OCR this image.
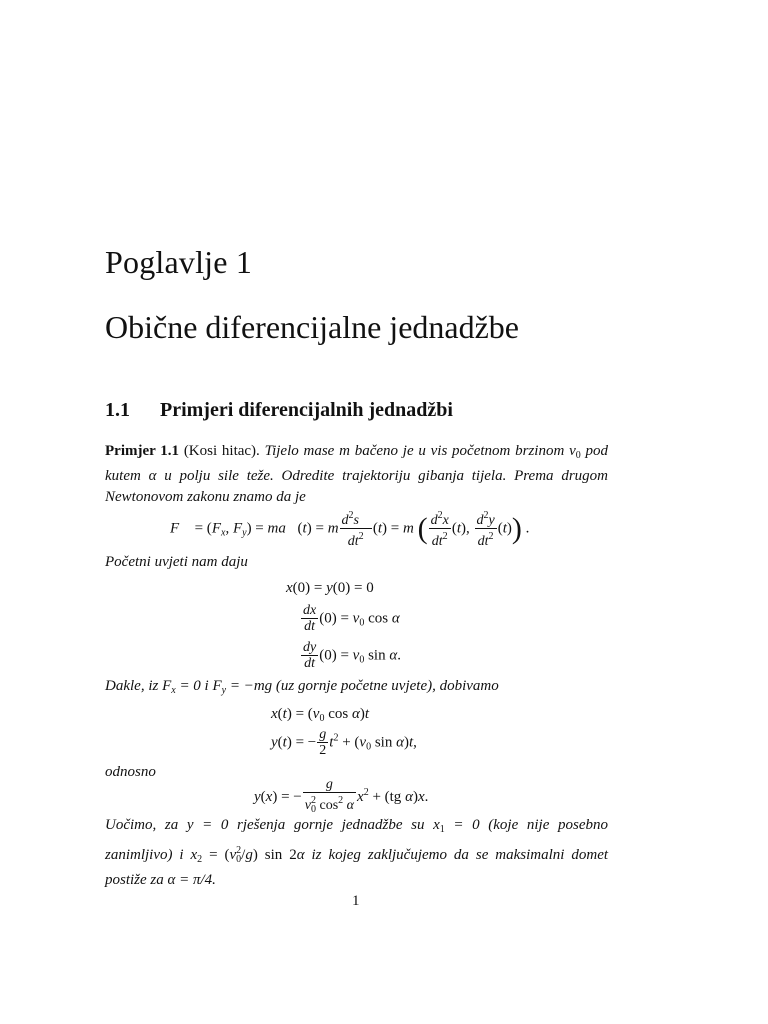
Poglavlje 1
Obične diferencijalne jednadžbe
1.1 Primjeri diferencijalnih jednadžbi

Primjer 1.1 (Kosi hitac). Tijelo mase m bačeno je u vis početnom brzinom $v_0$ pod kutem α u polju sile teže. Odredite trajektoriju gibanja tijela. Prema drugom Newtonovom zakonu znamo da je

F⃗ = ($F_x$, $F_y$) = ma⃗(t) = m $\frac{d^2s⃗}{dt^2} (t) = m$ ( $\frac{d^2x}{dt^2} (t)$, $\frac{d^2y}{dt^2} (t)$) .

Početni uvjeti nam daju

x(0) = y(0) = 0
$\frac{dx}{dt} (0) = v_0$ cos α
$\frac{dy}{dt} (0) = v_0$ sin α.

Dakle, iz $F_x = 0$ i $F_y = -mg$ (uz gornje početne uvjete), dobivamo

$x(t) = (v_0$ cos α)t
y(t) = − $\frac{g}{2} t^2 + (v_0$ sin α)t,

odnosno

y(x) = − $\frac{g}{v^2_0 \cos^2 \alpha} x^2 + (tg$ α)x.

Uočimo, za y = 0 rješenja gornje jednadžbe su $x_1 = 0$ (koje nije posebno zanimljivo) i $x_2 = (v^2_0/g)$ sin 2α iz kojeg zaključujemo da se maksimalni domet postiže za α = π/4.

1
